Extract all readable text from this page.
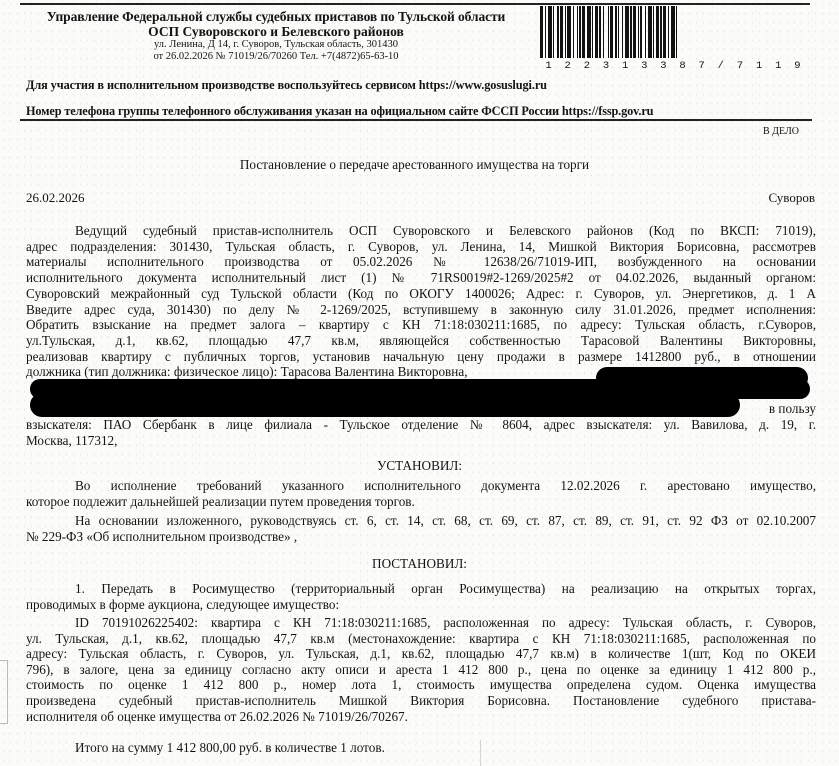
Управление Федеральной службы судебных приставов по Тульской области
ОСП Суворовского и Белевского районов
ул. Ленина, Д 14, г. Суворов, Тульская область, 301430
от 26.02.2026 № 71019/26/70260 Тел. +7(4872)65-63-10
1 2 2 3 1 3 3 8 7 / 7 1 1 9
Для участия в исполнительном производстве воспользуйтесь сервисом https://www.gosuslugi.ru
Номер телефона группы телефонного обслуживания указан на официальном сайте ФССП России https://fssp.gov.ru
В ДЕЛО
Постановление о передаче арестованного имущества на торги
26.02.2026	Суворов
Ведущий судебный пристав-исполнитель ОСП Суворовского и Белевского районов (Код по ВКСП: 71019),
адрес подразделения: 301430, Тульская область, г. Суворов, ул. Ленина, 14, Мишкой Виктория Борисовна, рассмотрев
материалы исполнительного производства от 05.02.2026 № 12638/26/71019-ИП, возбужденного на основании
исполнительного документа исполнительный лист (1) № 71RS0019#2-1269/2025#2 от 04.02.2026, выданный органом:
Суворовский межрайонный суд Тульской области (Код по ОКОГУ 1400026; Адрес: г. Суворов, ул. Энергетиков, д. 1 А
Введите адрес суда, 301430) по делу № 2-1269/2025, вступившему в законную силу 31.01.2026, предмет исполнения:
Обратить взыскание на предмет залога – квартиру с КН 71:18:030211:1685, по адресу: Тульская область, г.Суворов,
ул.Тульская, д.1, кв.62, площадью 47,7 кв.м, являющейся собственностью Тарасовой Валентины Викторовны,
реализовав квартиру с публичных торгов, установив начальную цену продажи в размере 1412800 руб., в отношении
должника (тип должника: физическое лицо): Тарасова Валентина Викторовна,
в пользу
взыскателя: ПАО Сбербанк в лице филиала - Тульское отделение № 8604, адрес взыскателя: ул. Вавилова, д. 19, г.
Москва, 117312,
УСТАНОВИЛ:
Во исполнение требований указанного исполнительного документа 12.02.2026 г. арестовано имущество,
которое подлежит дальнейшей реализации путем проведения торгов.
На основании изложенного, руководствуясь ст. 6, ст. 14, ст. 68, ст. 69, ст. 87, ст. 89, ст. 91, ст. 92 ФЗ от 02.10.2007
№ 229-ФЗ «Об исполнительном производстве» ,
ПОСТАНОВИЛ:
1. Передать в Росимущество (территориальный орган Росимущества) на реализацию на открытых торгах,
проводимых в форме аукциона, следующее имущество:
ID 70191026225402: квартира с КН 71:18:030211:1685, расположенная по адресу: Тульская область, г. Суворов,
ул. Тульская, д.1, кв.62, площадью 47,7 кв.м (местонахождение: квартира с КН 71:18:030211:1685, расположенная по
адресу: Тульская область, г. Суворов, ул. Тульская, д.1, кв.62, площадью 47,7 кв.м) в количестве 1(шт, Код по ОКЕИ
796), в залоге, цена за единицу согласно акту описи и ареста 1 412 800 р., цена по оценке за единицу 1 412 800 р.,
стоимость по оценке 1 412 800 р., номер лота 1, стоимость имущества определена судом. Оценка имущества
произведена судебный пристав-исполнитель Мишкой Виктория Борисовна. Постановление судебного пристава-
исполнителя об оценке имущества от 26.02.2026 № 71019/26/70267.
Итого на сумму 1 412 800,00 руб. в количестве 1 лотов.
